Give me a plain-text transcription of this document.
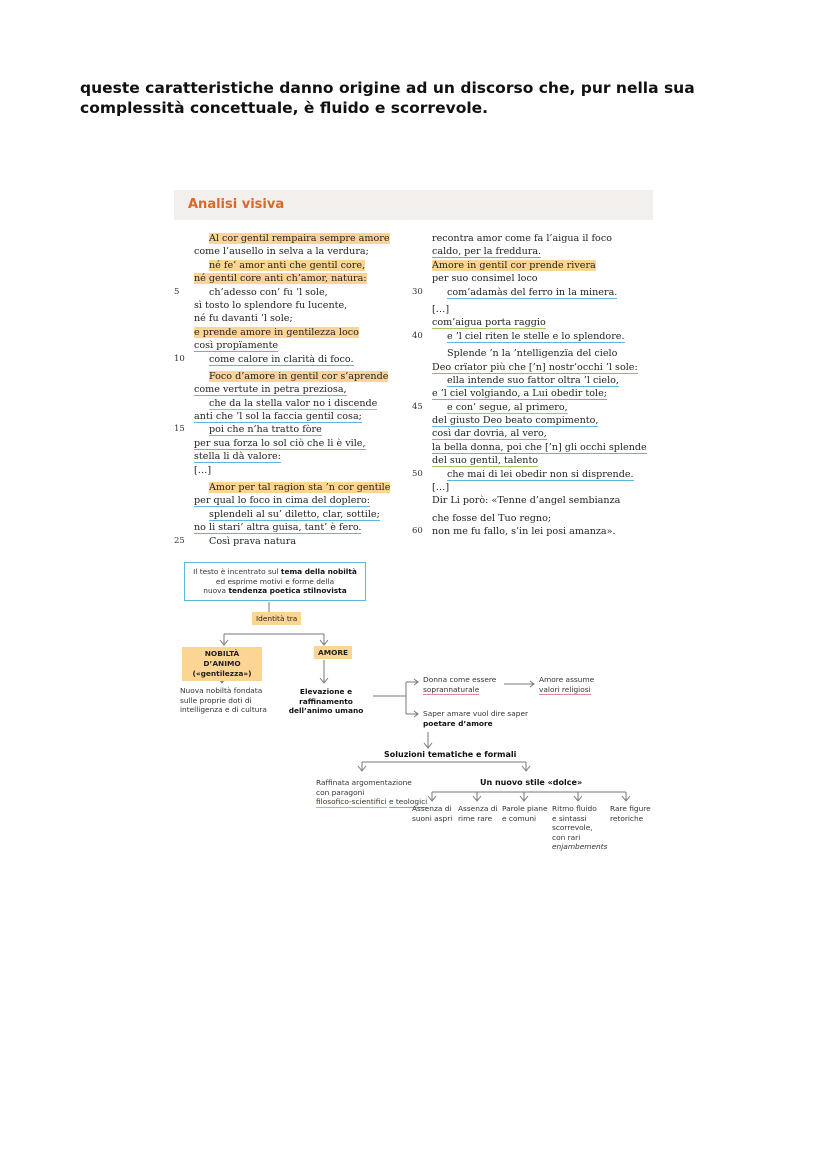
queste caratteristiche danno origine ad un discorso che, pur nella sua complessità concettuale, è fluido e scorrevole.
Analisi visiva
Al cor gentil rempaira sempre amore
come l’ausello in selva a la verdura;
né fe’ amor anti che gentil core,
né gentil core anti ch’amor, natura:
5	ch’adesso con’ fu ’l sole,
sì tosto lo splendore fu lucente,
né fu davanti ’l sole;
e prende amore in gentilezza loco
così propïamente
10	come calore in clarità di foco.
Foco d’amore in gentil cor s’aprende
come vertute in petra preziosa,
che da la stella valor no i discende
anti che ’l sol la faccia gentil cosa;
15	poi che n’ha tratto fòre
per sua forza lo sol ciò che li è vile,
stella li dà valore:
[…]
Amor per tal ragion sta ’n cor gentile
per qual lo foco in cima del doplero:
splendeli al su’ diletto, clar, sottile;
no li stari’ altra guisa, tant’ è fero.
25	Così prava natura
recontra amor come fa l’aigua il foco
caldo, per la freddura.
Amore in gentil cor prende rivera
per suo consimel loco
30	com’adamàs del ferro in la minera.
[…]
com’aigua porta raggio
40	e ’l ciel riten le stelle e lo splendore.
Splende ’n la ’ntelligenzïa del cielo
Deo crïator più che [’n] nostr’occhi ’l sole:
ella intende suo fattor oltra ’l cielo,
e ’l ciel volgiando, a Lui obedir tole;
45	e con’ segue, al primero,
del giusto Deo beato compimento,
così dar dovria, al vero,
la bella donna, poi che [’n] gli occhi splende
del suo gentil, talento
50	che mai di lei obedir non si disprende.
[…]
Dir Li porò: «Tenne d’angel sembianza
che fosse del Tuo regno;
60 non me fu fallo, s’in lei posi amanza».
Il testo è incentrato sul tema della nobiltà
ed esprime motivi e forme della
nuova tendenza poetica stilnovista
Identità tra
NOBILTÀ D’ANIMO
(«gentilezza»)
AMORE
Nuova nobiltà fondata
sulle proprie doti di
intelligenza e di cultura
Elevazione e
raffinamento
dell’animo umano
Donna come essere
soprannaturale
Amore assume
valori religiosi
Saper amare vuol dire saper
poetare d’amore
Soluzioni tematiche e formali
Raffinata argomentazione
con paragoni
filosofico-scientifici e teologici
Un nuovo stile «dolce»
Assenza di
suoni aspri
Assenza di
rime rare
Parole piane
e comuni
Ritmo fluido
e sintassi
scorrevole,
con rari
enjambements
Rare figure
retoriche
